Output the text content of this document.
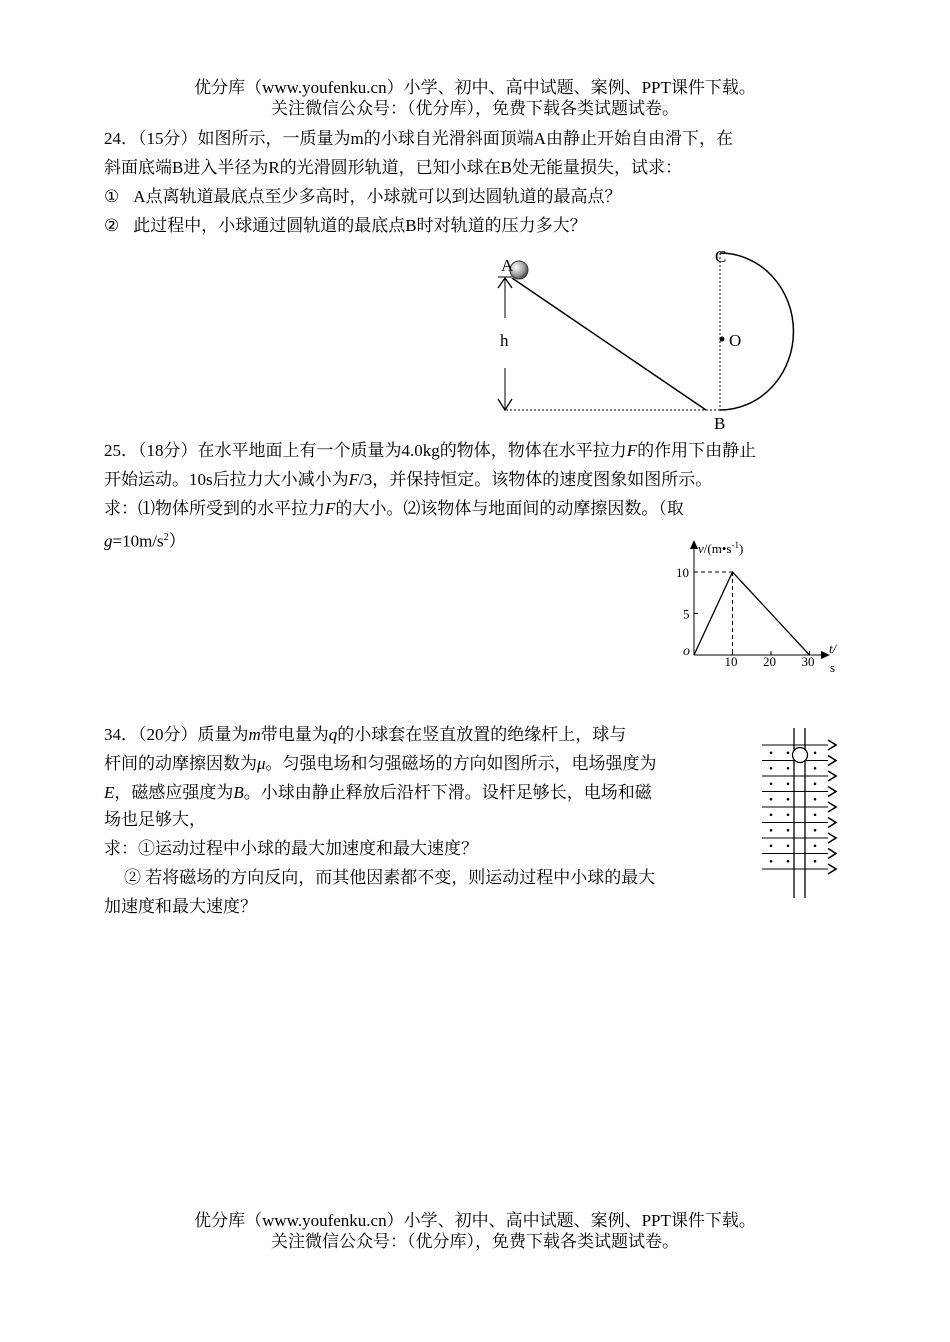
优分库（www.youfenku.cn）小学、初中、高中试题、案例、PPT课件下载。
关注微信公众号：（优分库），免费下载各类试题试卷。
24．（15分）如图所示，一质量为m的小球自光滑斜面顶端A由静止开始自由滑下，在
斜面底端B进入半径为R的光滑圆形轨道，已知小球在B处无能量损失，试求：
① A点离轨道最底点至少多高时，小球就可以到达圆轨道的最高点？
② 此过程中，小球通过圆轨道的最底点B时对轨道的压力多大？
A	C
O
h
B
25．（18分）在水平地面上有一个质量为4.0kg的物体，物体在水平拉力F的作用下由静止
开始运动。10s后拉力大小减小为F/3，并保持恒定。该物体的速度图象如图所示。
求：⑴物体所受到的水平拉力F的大小。⑵该物体与地面间的动摩擦因数。（取
$g=10m/s^2$）
10 20 30
5
10
$v/(m•s^{-1})$
t/
s
o
34．（20分）质量为m带电量为q的小球套在竖直放置的绝缘杆上，球与
杆间的动摩擦因数为μ。匀强电场和匀强磁场的方向如图所示，电场强度为
E，磁感应强度为B。小球由静止释放后沿杆下滑。设杆足够长，电场和磁
场也足够大，
求：①运动过程中小球的最大加速度和最大速度？
② 若将磁场的方向反向，而其他因素都不变，则运动过程中小球的最大
加速度和最大速度？
优分库（www.youfenku.cn）小学、初中、高中试题、案例、PPT课件下载。
关注微信公众号：（优分库），免费下载各类试题试卷。
